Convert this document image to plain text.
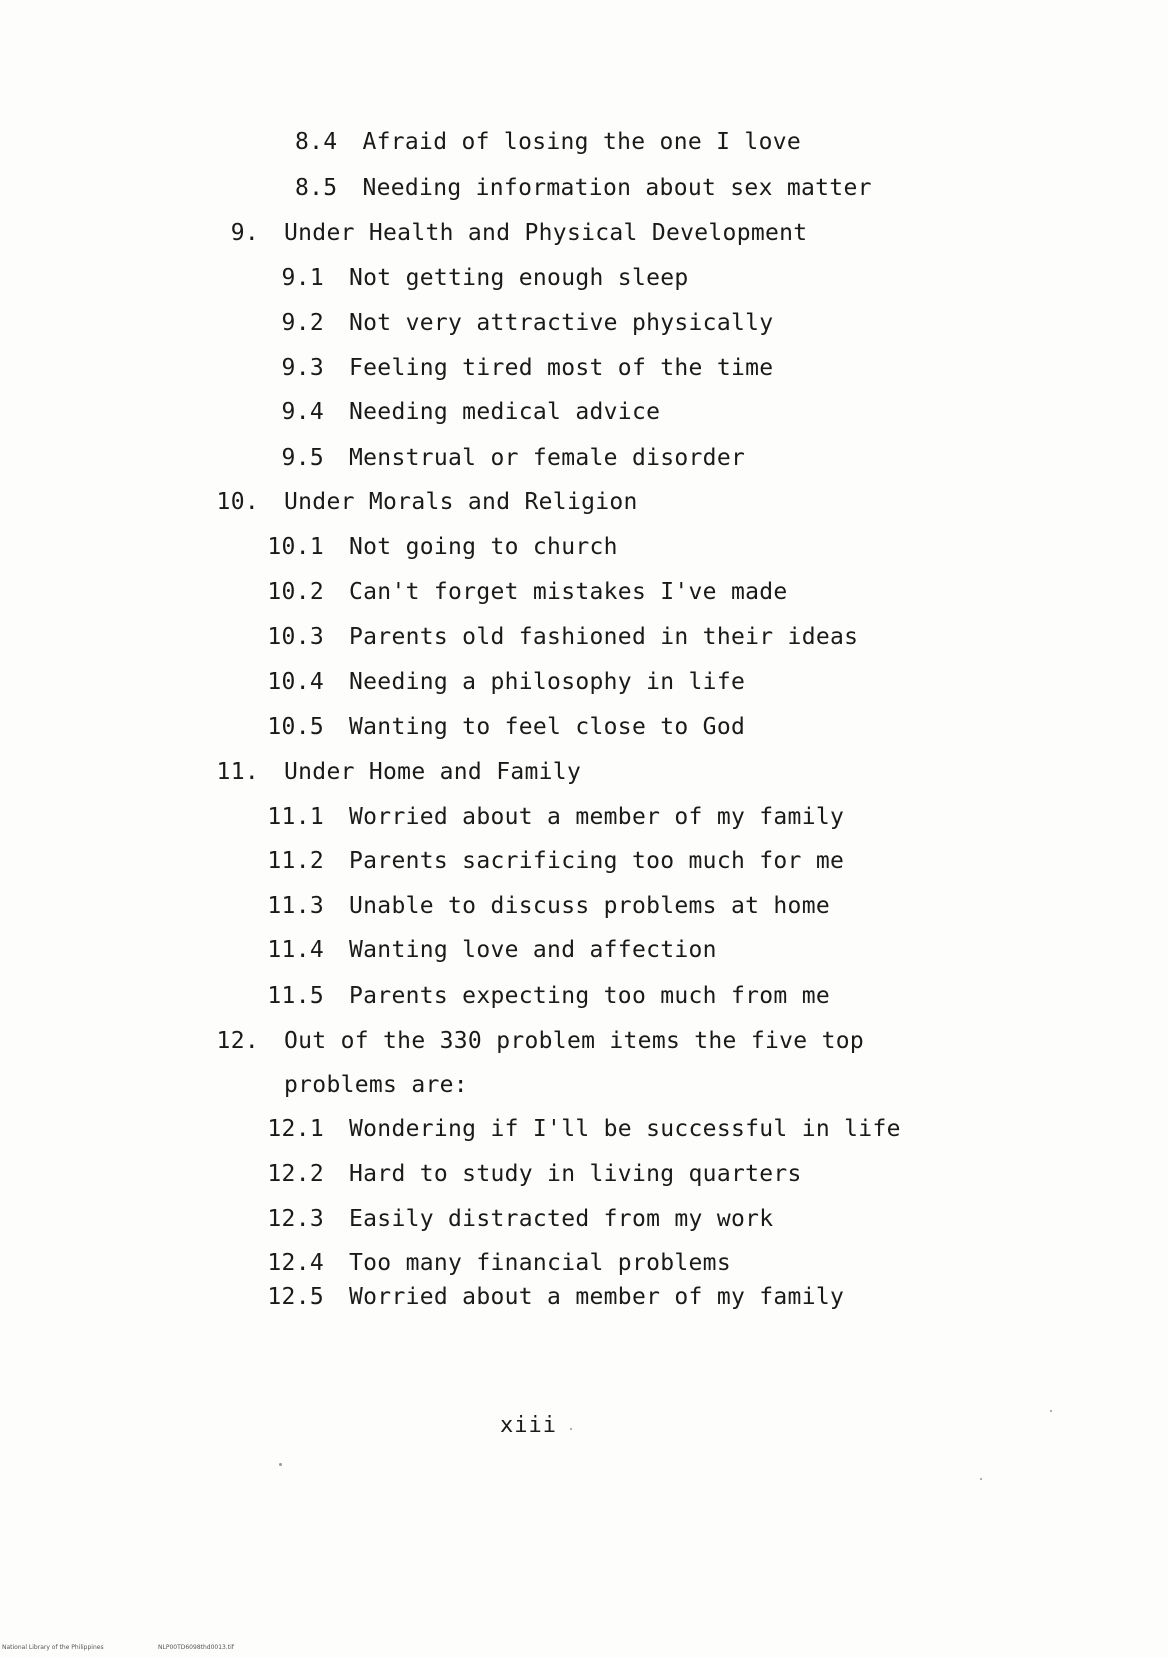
8.4 Afraid of losing the one I love
8.5 Needing information about sex matter
9. Under Health and Physical Development
9.1 Not getting enough sleep
9.2 Not very attractive physically
9.3 Feeling tired most of the time
9.4 Needing medical advice
9.5 Menstrual or female disorder
10. Under Morals and Religion
10.1 Not going to church
10.2 Can't forget mistakes I've made
10.3 Parents old fashioned in their ideas
10.4 Needing a philosophy in life
10.5 Wanting to feel close to God
11. Under Home and Family
11.1 Worried about a member of my family
11.2 Parents sacrificing too much for me
11.3 Unable to discuss problems at home
11.4 Wanting love and affection
11.5 Parents expecting too much from me
12. Out of the 330 problem items the five top
problems are:
12.1 Wondering if I'll be successful in life
12.2 Hard to study in living quarters
12.3 Easily distracted from my work
12.4 Too many financial problems
12.5 Worried about a member of my family
xiii
National Library of the Philippines	NLP00TD6098thd0013.tif
